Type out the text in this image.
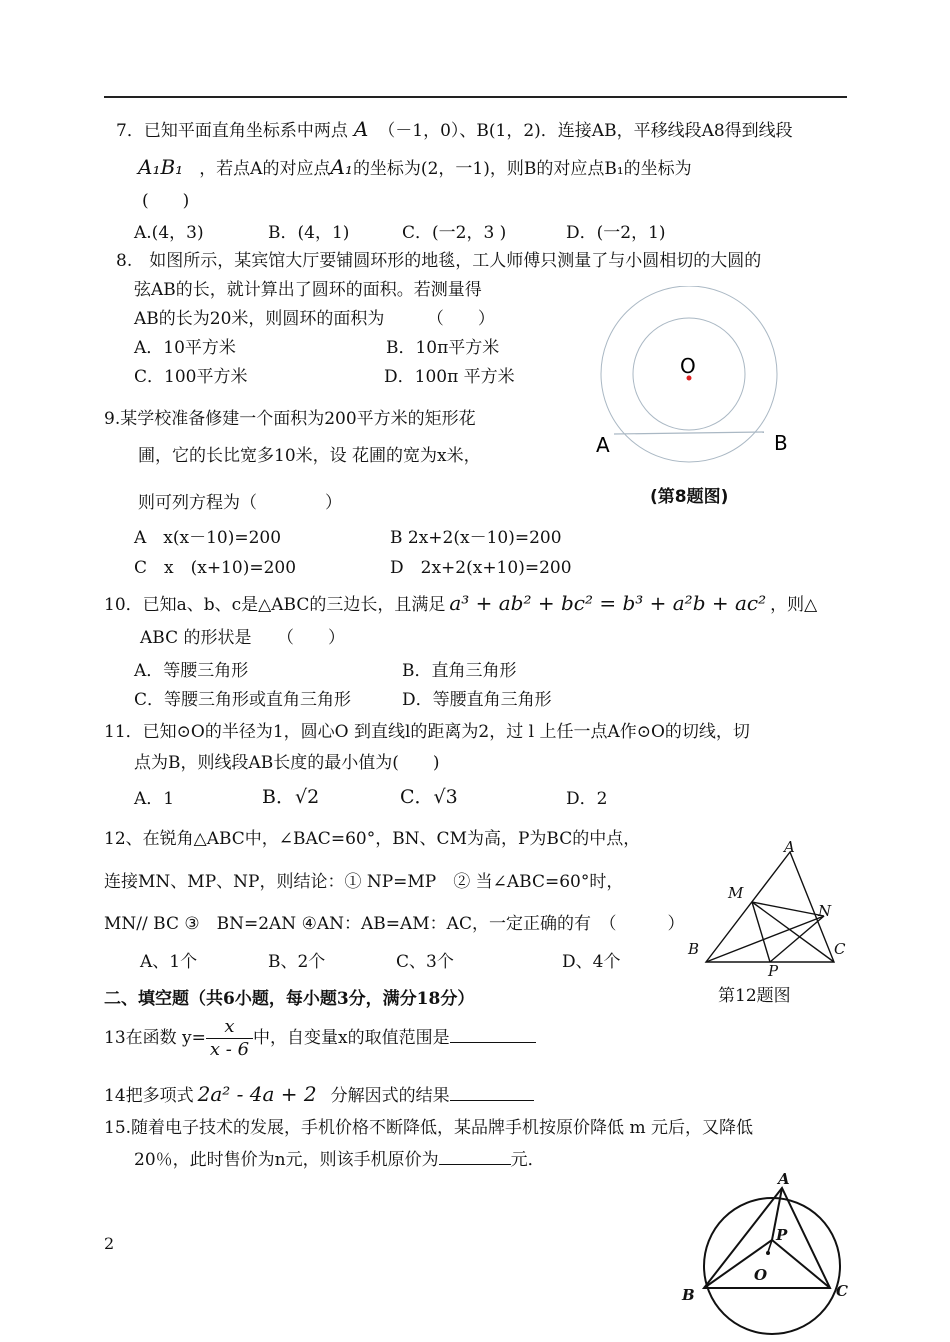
7．已知平面直角坐标系中两点 A （－1，0）、B(1，2)．连接AB，平移线段A8得到线段
A₁B₁ ，若点A的对应点A₁的坐标为(2，一1)，则B的对应点B₁的坐标为
(　　)
A.(4，3)	B．(4，1)	C．(一2，3 )	D．(一2，1)
8.　如图所示，某宾馆大厅要铺圆环形的地毯，工人师傅只测量了与小圆相切的大圆的
弦AB的长，就计算出了圆环的面积。若测量得
AB的长为20米，则圆环的面积为　　　（　　）
A．10平方米	B．10π平方米
C．100平方米	D．100π 平方米	O
A	B
(第8题图)
9.某学校准备修建一个面积为200平方米的矩形花
圃，它的长比宽多10米，设 花圃的宽为x米，
则可列方程为（　　　　）
A　x(x－10)=200	B 2x+2(x－10)=200
C　x　(x+10)=200	D　2x+2(x+10)=200
10．已知a、b、c是△ABC的三边长，且满足 a³ + ab² + bc² = b³ + a²b + ac² ，则△
ABC 的形状是　　（　　）
A．等腰三角形	B．直角三角形
C．等腰三角形或直角三角形	D．等腰直角三角形
11．已知⊙O的半径为1，圆心O 到直线l的距离为2，过 l 上任一点A作⊙O的切线，切
点为B，则线段AB长度的最小值为(　　)
A．1	B．√2	C．√3	D．2
12、在锐角△ABC中，∠BAC=60°，BN、CM为高，P为BC的中点，
连接MN、MP、NP，则结论：① NP=MP　② 当∠ABC=60°时，
MN// BC ③　BN=2AN ④AN：AB=AM：AC，一定正确的有　（　　　）
A、1个	B、2个	C、3个	D、4个
A
B	C
M
N
P
第12题图
二、填空题（共6小题，每小题3分，满分18分）
13在函数 $y= \frac{x}{x - 6}$ 中，自变量x的取值范围是
14把多项式 2a² - 4a + 2 分解因式的结果
15.随着电子技术的发展，手机价格不断降低，某品牌手机按原价降低 m 元后，又降低
20％，此时售价为n元，则该手机原价为	元．
A
B	C
P
O
2
